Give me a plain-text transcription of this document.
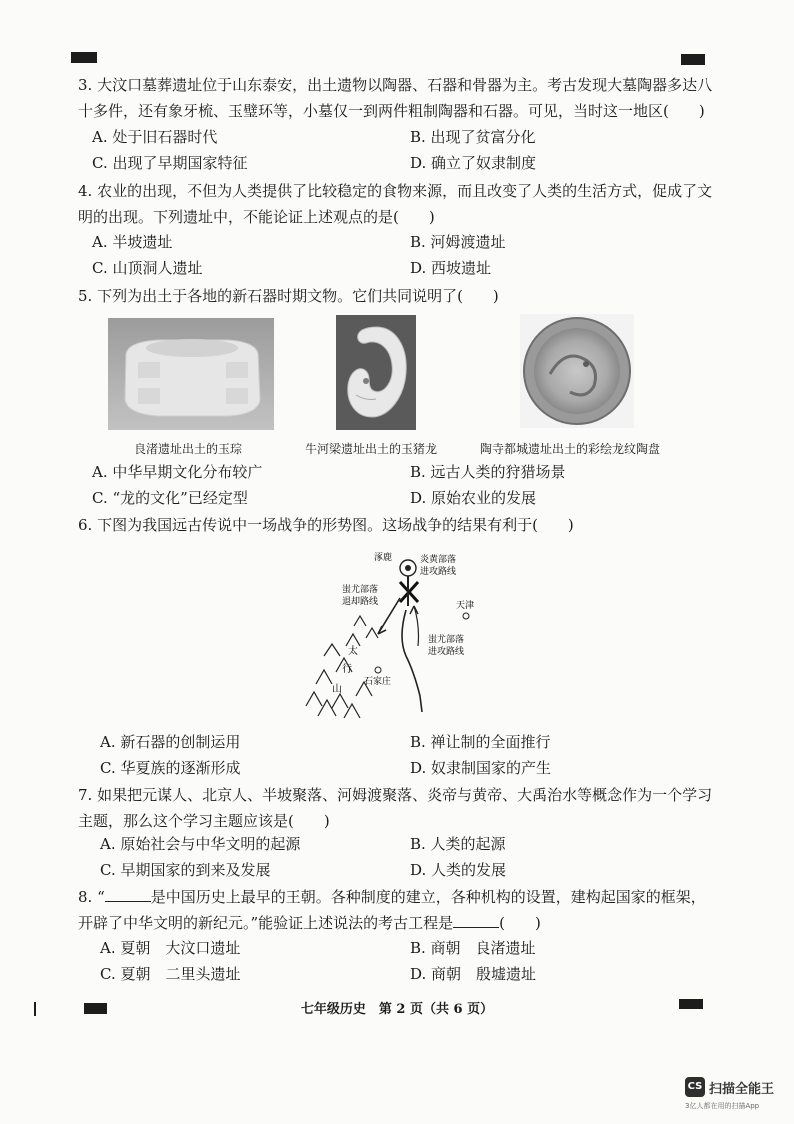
3. 大汶口墓葬遗址位于山东泰安，出土遗物以陶器、石器和骨器为主。考古发现大墓陶器多达八十多件，还有象牙梳、玉璧环等，小墓仅一到两件粗制陶器和石器。可见，当时这一地区(　　)
A. 处于旧石器时代	B. 出现了贫富分化
C. 出现了早期国家特征	D. 确立了奴隶制度
4. 农业的出现，不但为人类提供了比较稳定的食物来源，而且改变了人类的生活方式，促成了文明的出现。下列遗址中，不能论证上述观点的是(　　)
A. 半坡遗址	B. 河姆渡遗址
C. 山顶洞人遗址	D. 西坡遗址
5. 下列为出土于各地的新石器时期文物。它们共同说明了(　　)
良渚遗址出土的玉琮	牛河梁遗址出土的玉猪龙	陶寺都城遗址出土的彩绘龙纹陶盘
A. 中华早期文化分布较广	B. 远古人类的狩猎场景
C. “龙的文化”已经定型	D. 原始农业的发展
6. 下图为我国远古传说中一场战争的形势图。这场战争的结果有利于(　　)
涿鹿	炎黄部落
进攻路线
蚩尤部落
退却路线	天津
蚩尤部落
进攻路线
太
行
山
石家庄
A. 新石器的创制运用	B. 禅让制的全面推行
C. 华夏族的逐渐形成	D. 奴隶制国家的产生
7. 如果把元谋人、北京人、半坡聚落、河姆渡聚落、炎帝与黄帝、大禹治水等概念作为一个学习主题，那么这个学习主题应该是(　　)
A. 原始社会与中华文明的起源	B. 人类的起源
C. 早期国家的到来及发展	D. 人类的发展
8. “	是中国历史上最早的王朝。各种制度的建立，各种机构的设置，建构起国家的框架，开辟了中华文明的新纪元。”能验证上述说法的考古工程是	(　　)
A. 夏朝　大汶口遗址	B. 商朝　良渚遗址
C. 夏朝　二里头遗址	D. 商朝　殷墟遗址
七年级历史　第 2 页（共 6 页）
CS 扫描全能王
3亿人都在用的扫描App
